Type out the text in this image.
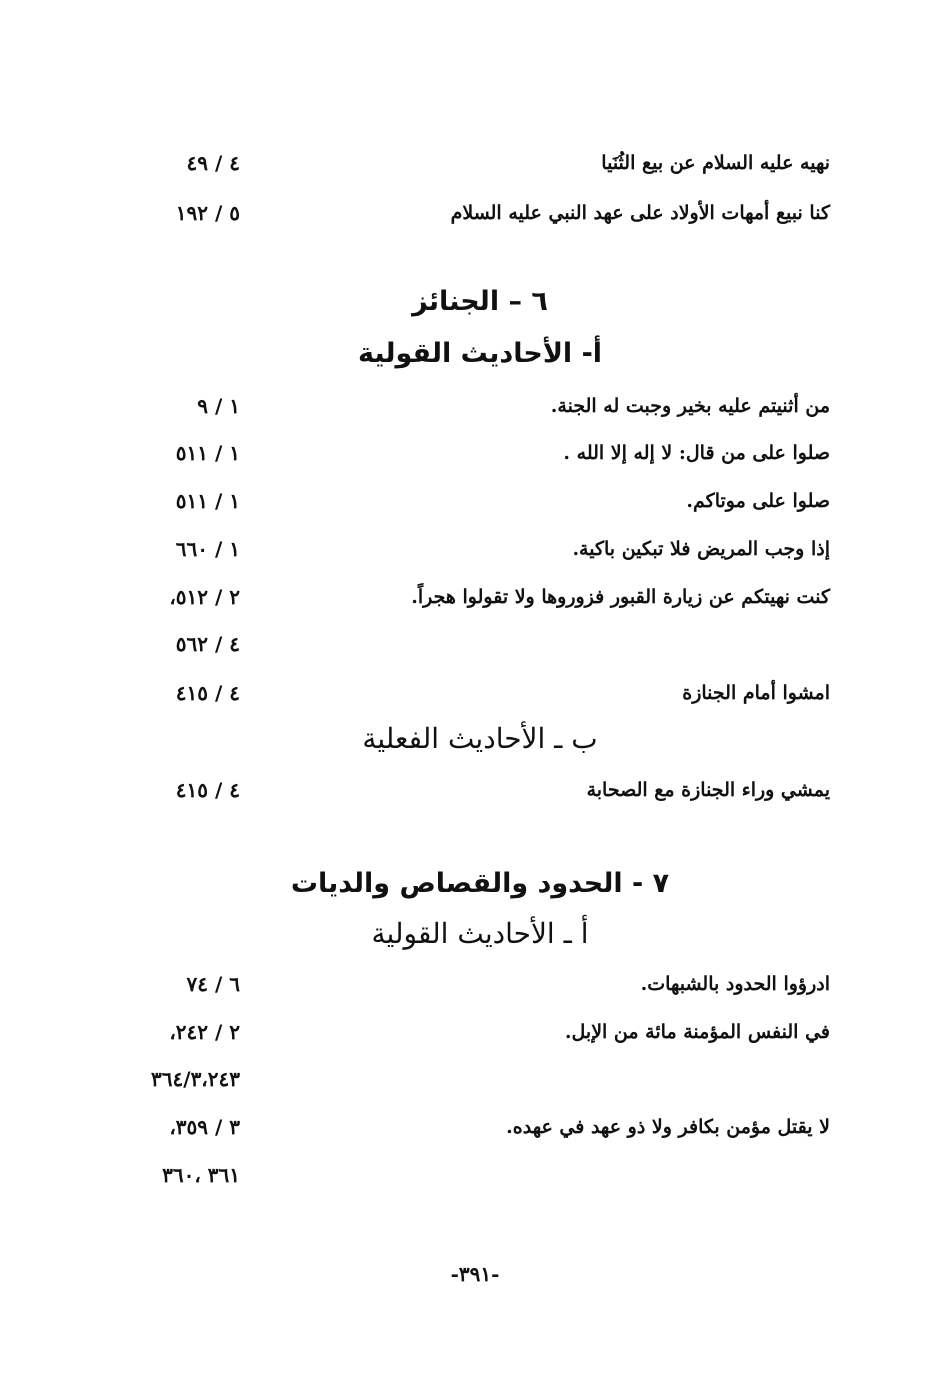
نهيه عليه السلام عن بيع الثُنَيا
٤ / ٤٩
كنا نبيع أمهات الأولاد على عهد النبي عليه السلام
٥ / ١٩٢
٦ – الجنائز
أ- الأحاديث القولية
من أثنيتم عليه بخير وجبت له الجنة.
١ / ٩
صلوا على من قال: لا إله إلا الله .
١ / ٥١١
صلوا على موتاكم.
١ / ٥١١
إذا وجب المريض فلا تبكين باكية.
١ / ٦٦٠
كنت نهيتكم عن زيارة القبور فزوروها ولا تقولوا هجراً.
٢ / ٥١٢،
٤ / ٥٦٢
امشوا أمام الجنازة
٤ / ٤١٥
ب ـ الأحاديث الفعلية
يمشي وراء الجنازة مع الصحابة
٤ / ٤١٥
٧ - الحدود والقصاص والديات
أ ـ الأحاديث القولية
ادرؤوا الحدود بالشبهات.
٦ / ٧٤
في النفس المؤمنة مائة من الإبل.
٢ / ٢٤٢،
٣٦٤/٣،٢٤٣
لا يقتل مؤمن بكافر ولا ذو عهد في عهده.
٣ / ٣٥٩،
٣٦١ ،٣٦٠
-٣٩١-
